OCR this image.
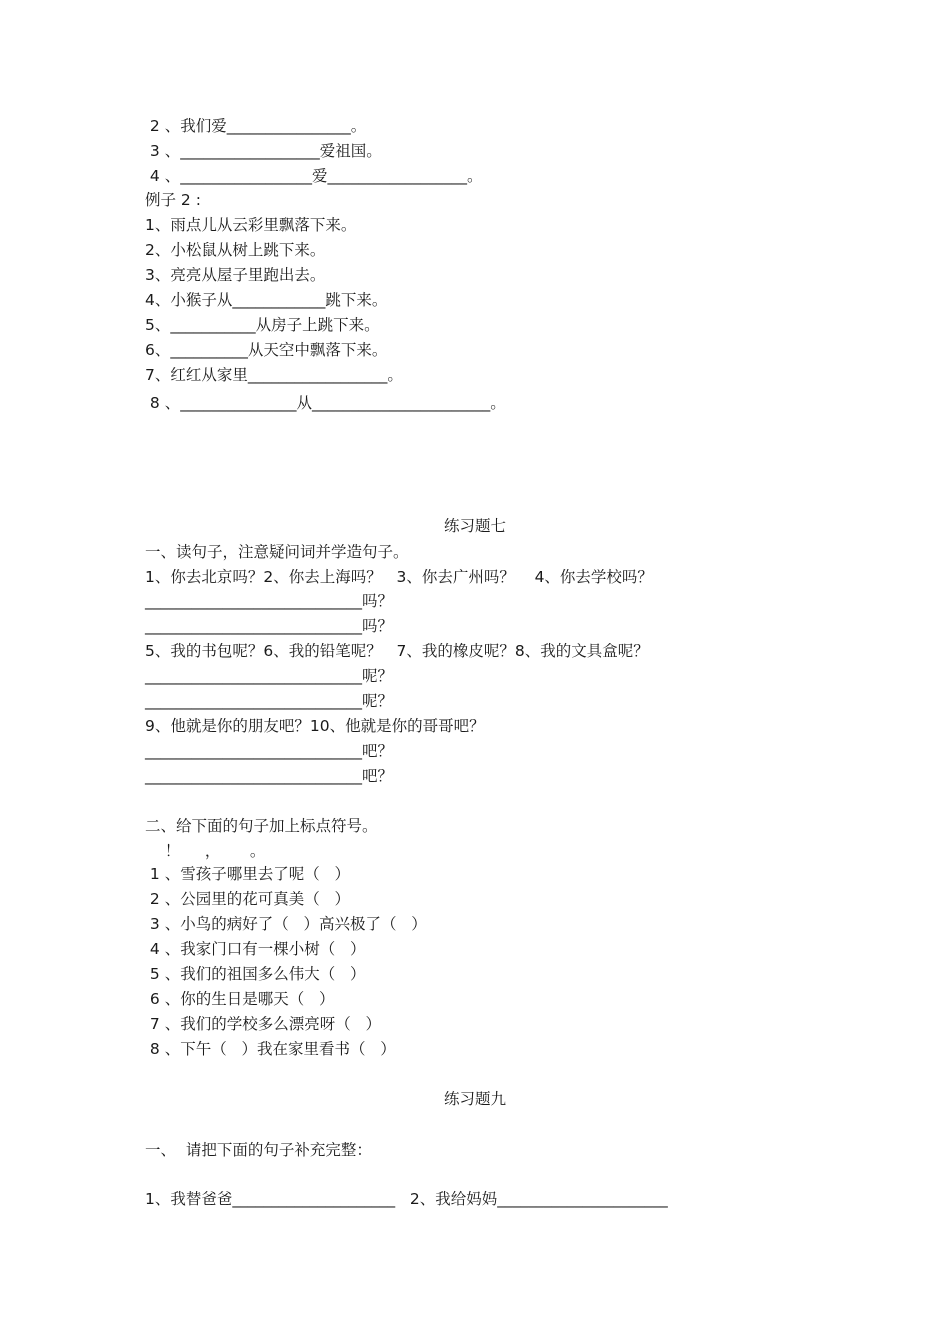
2 、我们爱________________。
3 、__________________爱祖国。
4 、_________________爱__________________。
例子 2 :
1、雨点儿从云彩里飘落下来。
2、小松鼠从树上跳下来。
3、亮亮从屋子里跑出去。
4、小猴子从____________跳下来。
5、___________从房子上跳下来。
6、__________从天空中飘落下来。
7、红红从家里__________________。
8 、_______________从_______________________。
练习题七
一、读句子，注意疑问词并学造句子。
1、你去北京吗？2、你去上海吗？   3、你去广州吗？    4、你去学校吗？
____________________________吗？
____________________________吗？
5、我的书包呢？6、我的铅笔呢？   7、我的橡皮呢？8、我的文具盒呢？
____________________________呢？
____________________________呢？
9、他就是你的朋友吧？10、他就是你的哥哥吧？
____________________________吧？
____________________________吧？
二、给下面的句子加上标点符号。
！     ，      。
1 、雪孩子哪里去了呢（   ）
2 、公园里的花可真美（   ）
3 、小鸟的病好了（   ）高兴极了（   ）
4 、我家门口有一棵小树（   ）
5 、我们的祖国多么伟大（   ）
6 、你的生日是哪天（   ）
7 、我们的学校多么漂亮呀（   ）
8 、下午（   ）我在家里看书（   ）
练习题九
一、  请把下面的句子补充完整：
1、我替爸爸_____________________   2、我给妈妈______________________
